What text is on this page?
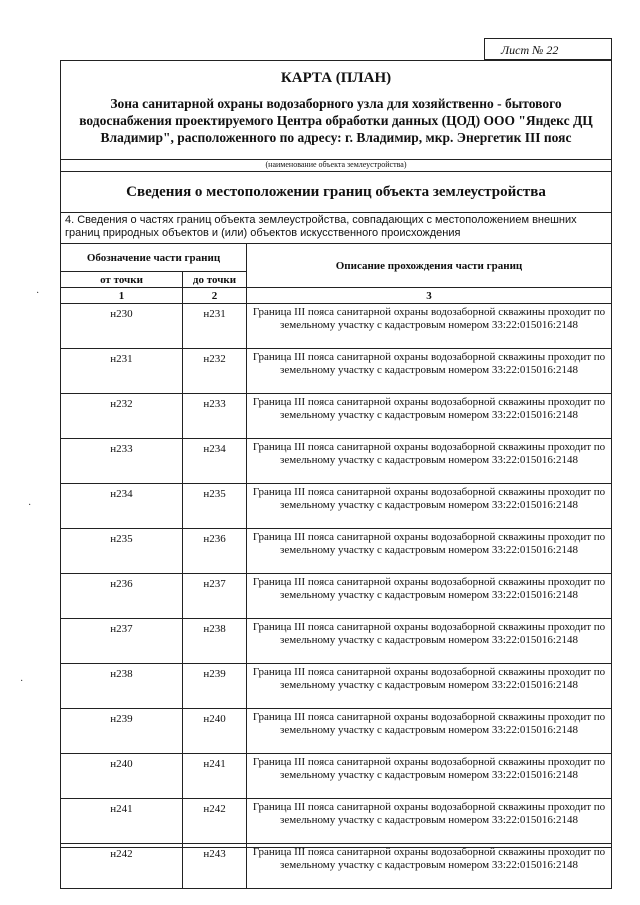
Лист № 22
КАРТА (ПЛАН)
Зона санитарной охраны водозаборного узла для хозяйственно - бытового водоснабжения проектируемого Центра обработки данных (ЦОД) ООО "Яндекс ДЦ Владимир", расположенного по адресу: г. Владимир, мкр. Энергетик III пояс
(наименование объекта землеустройства)
Сведения о местоположении границ объекта землеустройства
4. Сведения о частях границ объекта землеустройства, совпадающих с местоположением внешних границ природных объектов и (или) объектов искусственного происхождения
Обозначение части границ		Описание прохождения части границ
от точки	до точки	
1	2	3
н230	н231	Граница III пояса санитарной охраны водозаборной скважины проходит по земельному участку с кадастровым номером 33:22:015016:2148
н231	н232	Граница III пояса санитарной охраны водозаборной скважины проходит по земельному участку с кадастровым номером 33:22:015016:2148
н232	н233	Граница III пояса санитарной охраны водозаборной скважины проходит по земельному участку с кадастровым номером 33:22:015016:2148
н233	н234	Граница III пояса санитарной охраны водозаборной скважины проходит по земельному участку с кадастровым номером 33:22:015016:2148
н234	н235	Граница III пояса санитарной охраны водозаборной скважины проходит по земельному участку с кадастровым номером 33:22:015016:2148
н235	н236	Граница III пояса санитарной охраны водозаборной скважины проходит по земельному участку с кадастровым номером 33:22:015016:2148
н236	н237	Граница III пояса санитарной охраны водозаборной скважины проходит по земельному участку с кадастровым номером 33:22:015016:2148
н237	н238	Граница III пояса санитарной охраны водозаборной скважины проходит по земельному участку с кадастровым номером 33:22:015016:2148
н238	н239	Граница III пояса санитарной охраны водозаборной скважины проходит по земельному участку с кадастровым номером 33:22:015016:2148
н239	н240	Граница III пояса санитарной охраны водозаборной скважины проходит по земельному участку с кадастровым номером 33:22:015016:2148
н240	н241	Граница III пояса санитарной охраны водозаборной скважины проходит по земельному участку с кадастровым номером 33:22:015016:2148
н241	н242	Граница III пояса санитарной охраны водозаборной скважины проходит по земельному участку с кадастровым номером 33:22:015016:2148
н242	н243	Граница III пояса санитарной охраны водозаборной скважины проходит по земельному участку с кадастровым номером 33:22:015016:2148
·
·
·
